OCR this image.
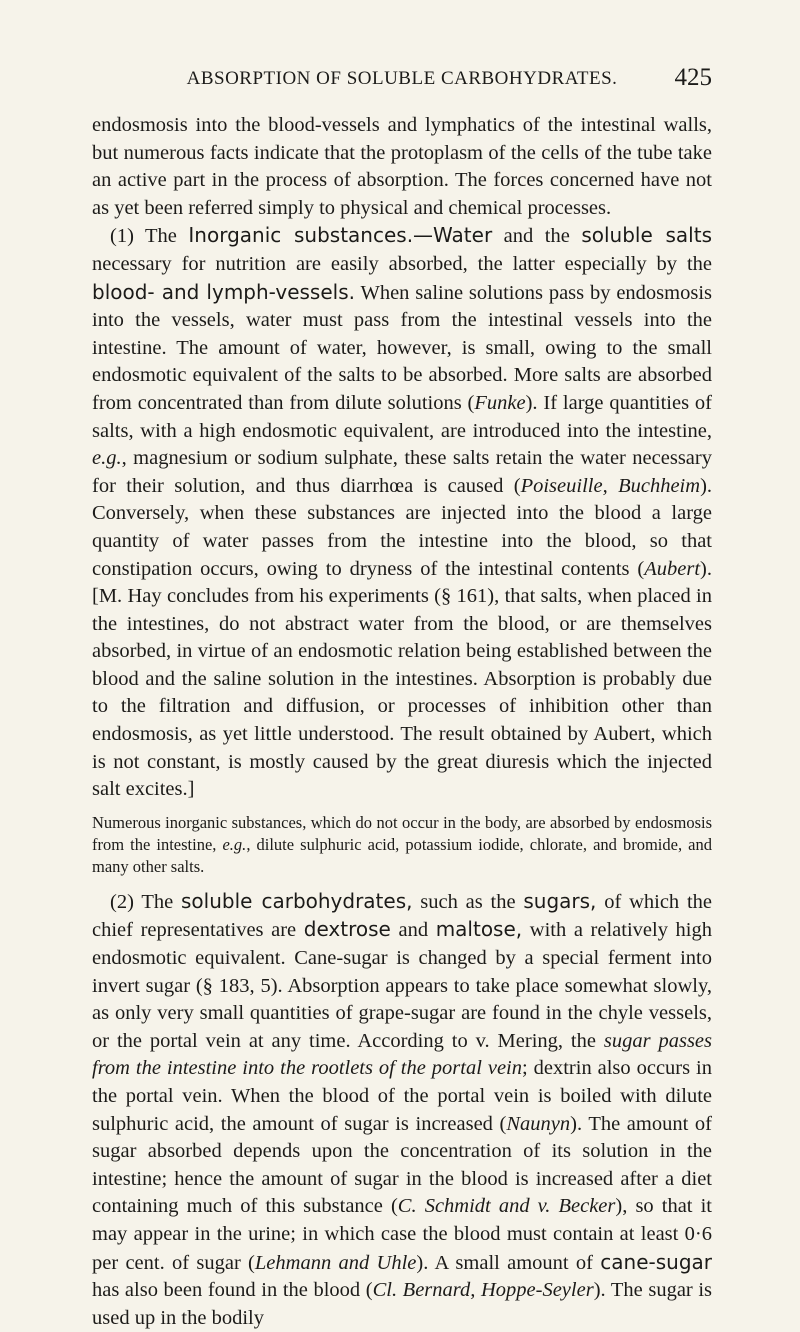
ABSORPTION OF SOLUBLE CARBOHYDRATES.	425

endosmosis into the blood-vessels and lymphatics of the intestinal walls, but numerous facts indicate that the protoplasm of the cells of the tube take an active part in the process of absorption. The forces concerned have not as yet been referred simply to physical and chemical processes.

(1) The Inorganic substances.—Water and the soluble salts necessary for nutrition are easily absorbed, the latter especially by the blood- and lymph-vessels. When saline solutions pass by endosmosis into the vessels, water must pass from the intestinal vessels into the intestine. The amount of water, however, is small, owing to the small endosmotic equivalent of the salts to be absorbed. More salts are absorbed from concentrated than from dilute solutions (Funke). If large quantities of salts, with a high endosmotic equivalent, are introduced into the intestine, e.g., magnesium or sodium sulphate, these salts retain the water necessary for their solution, and thus diarrhœa is caused (Poiseuille, Buchheim). Conversely, when these substances are injected into the blood a large quantity of water passes from the intestine into the blood, so that constipation occurs, owing to dryness of the intestinal contents (Aubert). [M. Hay concludes from his experiments (§ 161), that salts, when placed in the intestines, do not abstract water from the blood, or are themselves absorbed, in virtue of an endosmotic relation being established between the blood and the saline solution in the intestines. Absorption is probably due to the filtration and diffusion, or processes of inhibition other than endosmosis, as yet little understood. The result obtained by Aubert, which is not constant, is mostly caused by the great diuresis which the injected salt excites.]

Numerous inorganic substances, which do not occur in the body, are absorbed by endosmosis from the intestine, e.g., dilute sulphuric acid, potassium iodide, chlorate, and bromide, and many other salts.

(2) The soluble carbohydrates, such as the sugars, of which the chief representatives are dextrose and maltose, with a relatively high endosmotic equivalent. Cane-sugar is changed by a special ferment into invert sugar (§ 183, 5). Absorption appears to take place somewhat slowly, as only very small quantities of grape-sugar are found in the chyle vessels, or the portal vein at any time. According to v. Mering, the sugar passes from the intestine into the rootlets of the portal vein; dextrin also occurs in the portal vein. When the blood of the portal vein is boiled with dilute sulphuric acid, the amount of sugar is increased (Naunyn). The amount of sugar absorbed depends upon the concentration of its solution in the intestine; hence the amount of sugar in the blood is increased after a diet containing much of this substance (C. Schmidt and v. Becker), so that it may appear in the urine; in which case the blood must contain at least 0·6 per cent. of sugar (Lehmann and Uhle). A small amount of cane-sugar has also been found in the blood (Cl. Bernard, Hoppe-Seyler). The sugar is used up in the bodily
